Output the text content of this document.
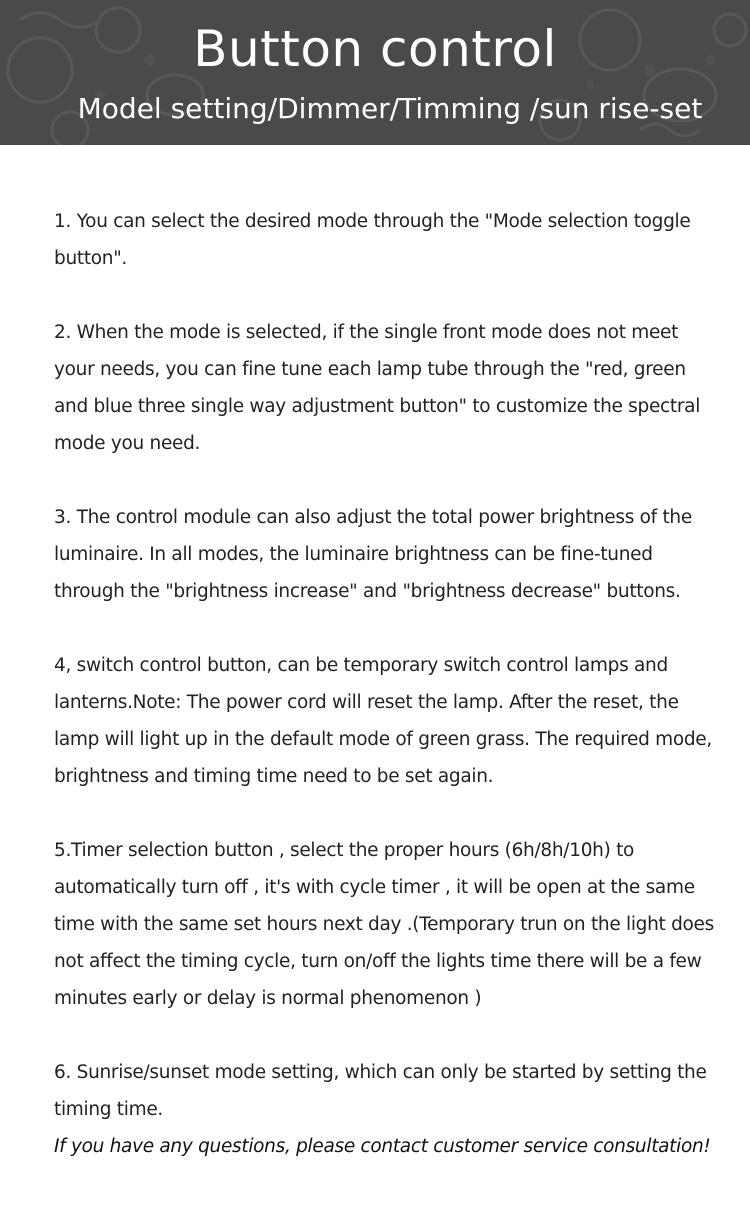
Button control
Model setting/Dimmer/Timming /sun rise-set

1. You can select the desired mode through the "Mode selection toggle button".

2. When the mode is selected, if the single front mode does not meet your needs, you can fine tune each lamp tube through the "red, green and blue three single way adjustment button" to customize the spectral mode you need.

3. The control module can also adjust the total power brightness of the luminaire. In all modes, the luminaire brightness can be fine-tuned through the "brightness increase" and "brightness decrease" buttons.

4, switch control button, can be temporary switch control lamps and lanterns.Note: The power cord will reset the lamp. After the reset, the lamp will light up in the default mode of green grass. The required mode, brightness and timing time need to be set again.

5.Timer selection button , select the proper hours (6h/8h/10h) to automatically turn off , it's with cycle timer , it will be open at the same time with the same set hours next day .(Temporary trun on the light does not affect the timing cycle, turn on/off the lights time there will be a few minutes early or delay is normal phenomenon )

6. Sunrise/sunset mode setting, which can only be started by setting the timing time.

If you have any questions, please contact customer service consultation!
